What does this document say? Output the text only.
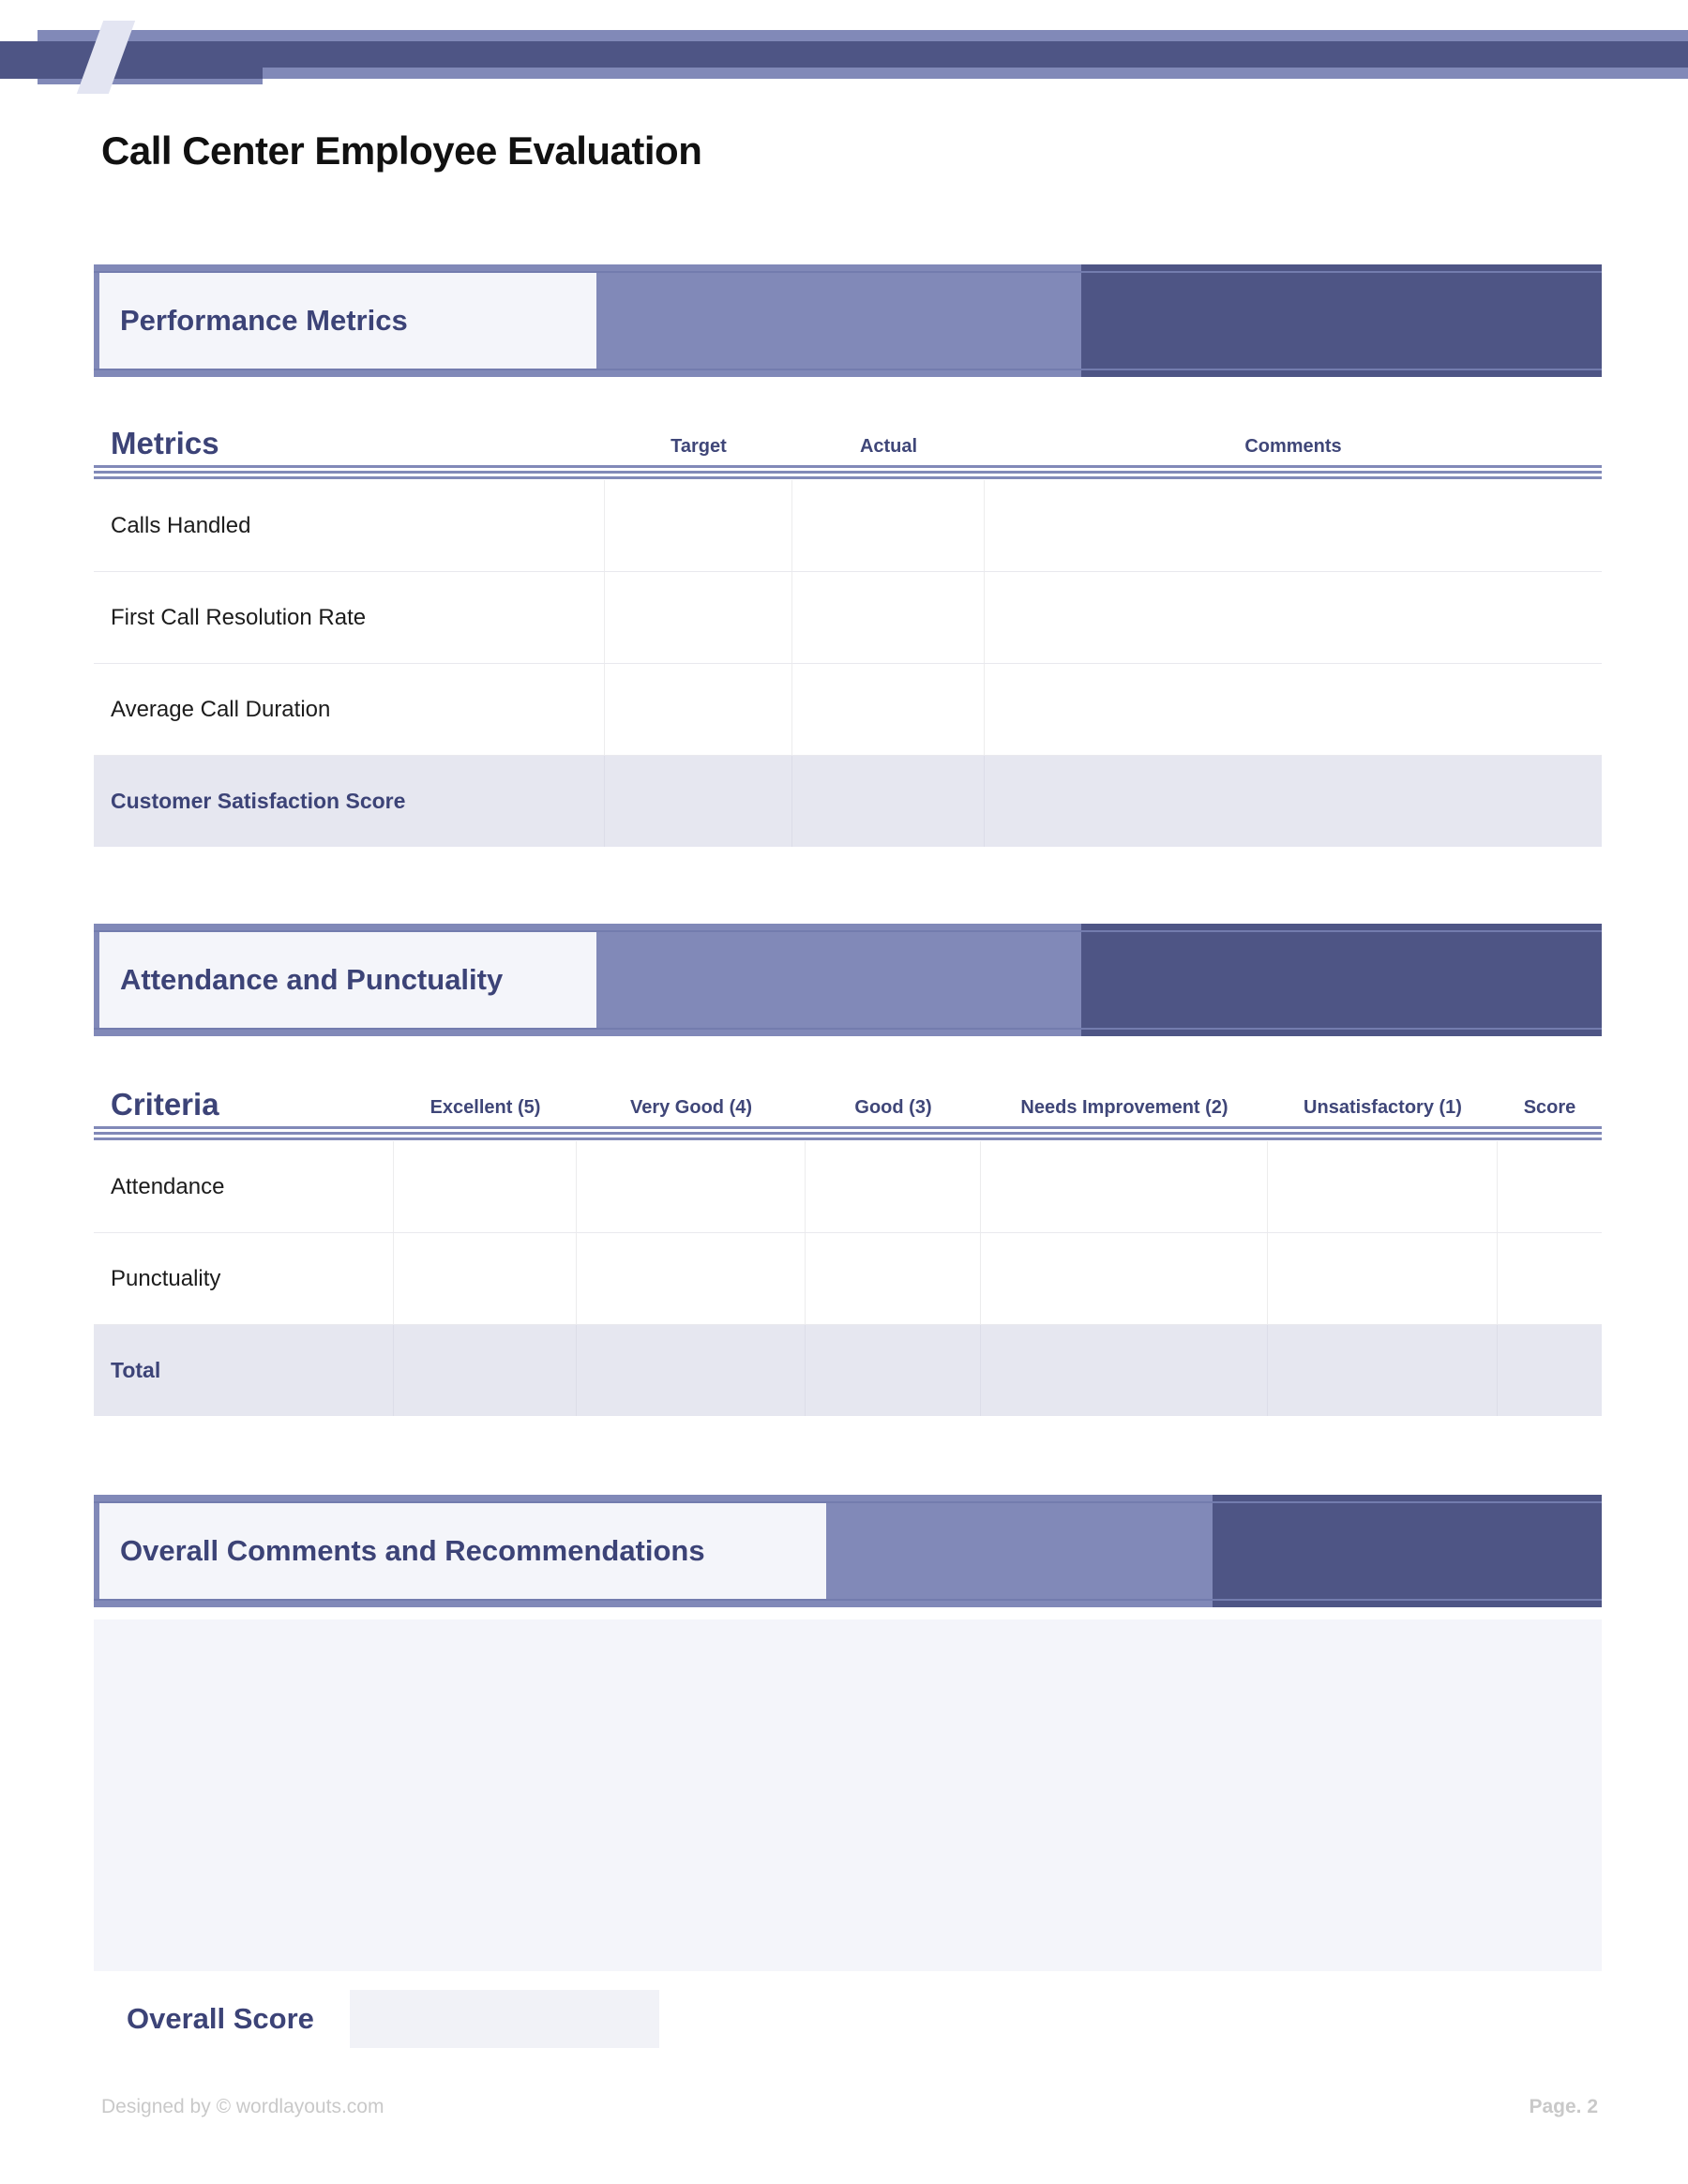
Call Center Employee Evaluation
Performance Metrics
Metrics	Target	Actual	Comments
Calls Handled
First Call Resolution Rate
Average Call Duration
Customer Satisfaction Score
Attendance and Punctuality
Criteria	Excellent (5)	Very Good (4)	Good (3)	Needs Improvement (2)	Unsatisfactory (1)	Score
Attendance
Punctuality
Total
Overall Comments and Recommendations
Overall Score
Designed by © wordlayouts.com	Page. 2
